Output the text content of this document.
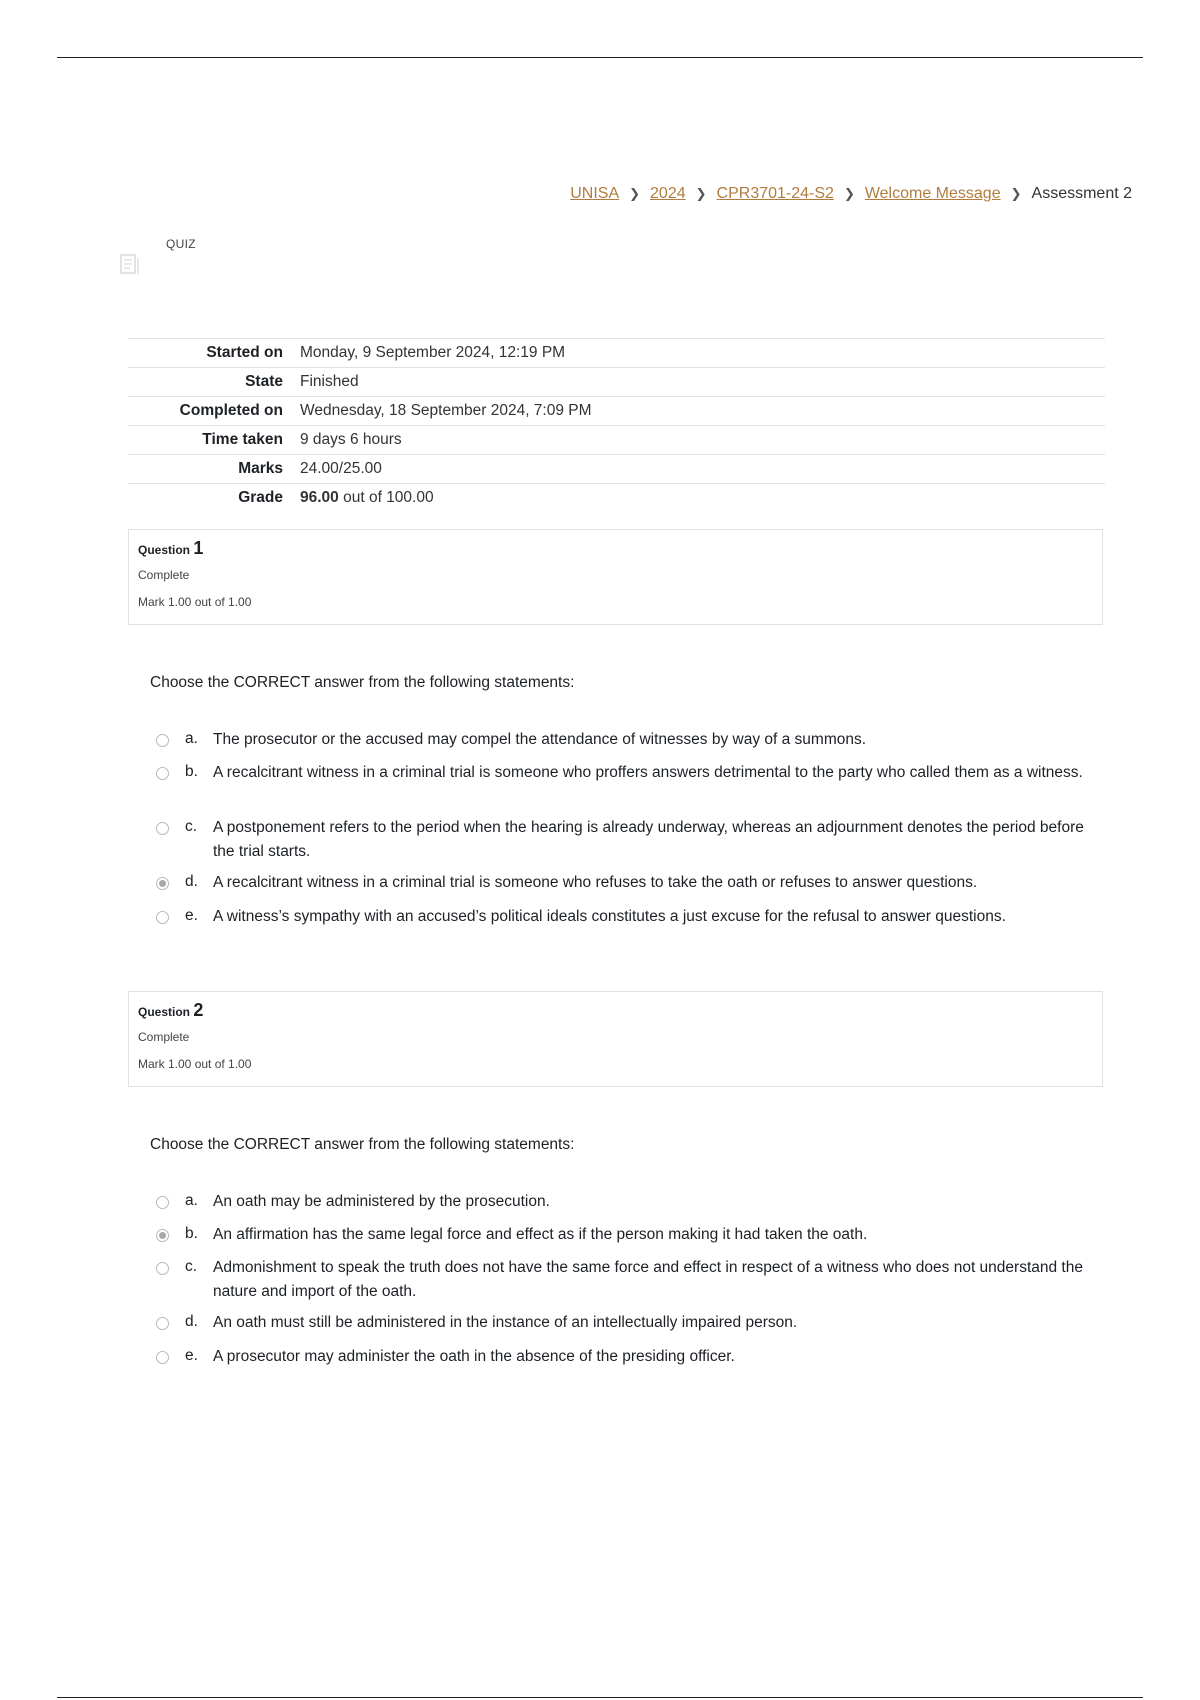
UNISA ❯ 2024 ❯ CPR3701-24-S2 ❯ Welcome Message ❯ Assessment 2
QUIZ
Started on	Monday, 9 September 2024, 12:19 PM
State	Finished
Completed on	Wednesday, 18 September 2024, 7:09 PM
Time taken	9 days 6 hours
Marks	24.00/25.00
Grade	96.00 out of 100.00
Question 1
Complete
Mark 1.00 out of 1.00
Choose the CORRECT answer from the following statements:
a. The prosecutor or the accused may compel the attendance of witnesses by way of a summons.
b. A recalcitrant witness in a criminal trial is someone who proffers answers detrimental to the party who called them as a witness.
c.	A postponement refers to the period when the hearing is already underway, whereas an adjournment denotes the period before the trial starts.
d. A recalcitrant witness in a criminal trial is someone who refuses to take the oath or refuses to answer questions.
e. A witness’s sympathy with an accused’s political ideals constitutes a just excuse for the refusal to answer questions.
Question 2
Complete
Mark 1.00 out of 1.00
Choose the CORRECT answer from the following statements:
a. An oath may be administered by the prosecution.
b. An affirmation has the same legal force and effect as if the person making it had taken the oath.
c.	Admonishment to speak the truth does not have the same force and effect in respect of a witness who does not understand the nature and import of the oath.
d. An oath must still be administered in the instance of an intellectually impaired person.
e. A prosecutor may administer the oath in the absence of the presiding officer.
